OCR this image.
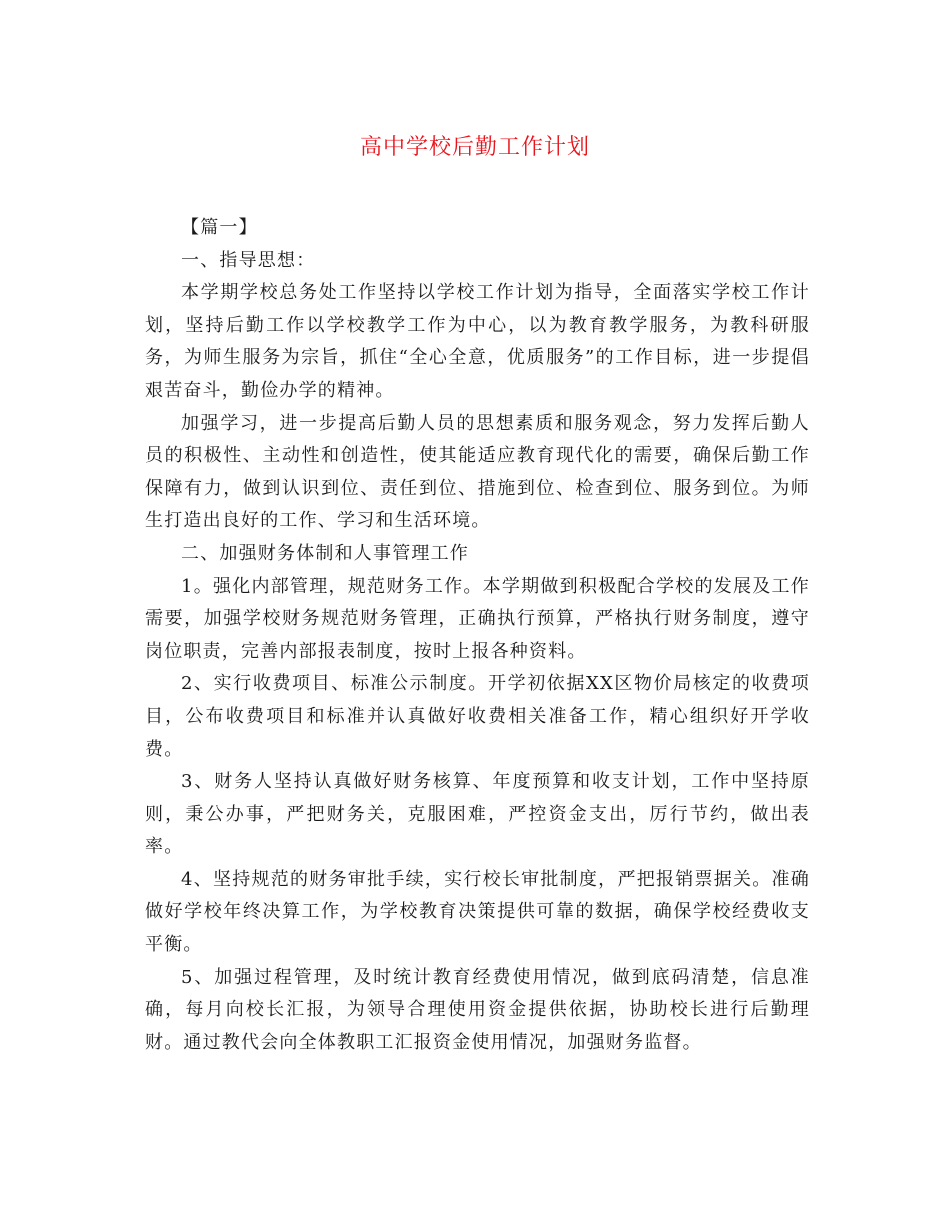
高中学校后勤工作计划

【篇一】

一、指导思想：

本学期学校总务处工作坚持以学校工作计划为指导，全面落实学校工作计划，坚持后勤工作以学校教学工作为中心，以为教育教学服务，为教科研服务，为师生服务为宗旨，抓住“全心全意，优质服务”的工作目标，进一步提倡艰苦奋斗，勤俭办学的精神。

加强学习，进一步提高后勤人员的思想素质和服务观念，努力发挥后勤人员的积极性、主动性和创造性，使其能适应教育现代化的需要，确保后勤工作保障有力，做到认识到位、责任到位、措施到位、检查到位、服务到位。为师生打造出良好的工作、学习和生活环境。

二、加强财务体制和人事管理工作

1。强化内部管理，规范财务工作。本学期做到积极配合学校的发展及工作需要，加强学校财务规范财务管理，正确执行预算，严格执行财务制度，遵守岗位职责，完善内部报表制度，按时上报各种资料。

2、实行收费项目、标准公示制度。开学初依据XX区物价局核定的收费项目，公布收费项目和标准并认真做好收费相关准备工作，精心组织好开学收费。

3、财务人坚持认真做好财务核算、年度预算和收支计划，工作中坚持原则，秉公办事，严把财务关，克服困难，严控资金支出，厉行节约，做出表率。

4、坚持规范的财务审批手续，实行校长审批制度，严把报销票据关。准确做好学校年终决算工作，为学校教育决策提供可靠的数据，确保学校经费收支平衡。

5、加强过程管理，及时统计教育经费使用情况，做到底码清楚，信息准确，每月向校长汇报，为领导合理使用资金提供依据，协助校长进行后勤理财。通过教代会向全体教职工汇报资金使用情况，加强财务监督。
